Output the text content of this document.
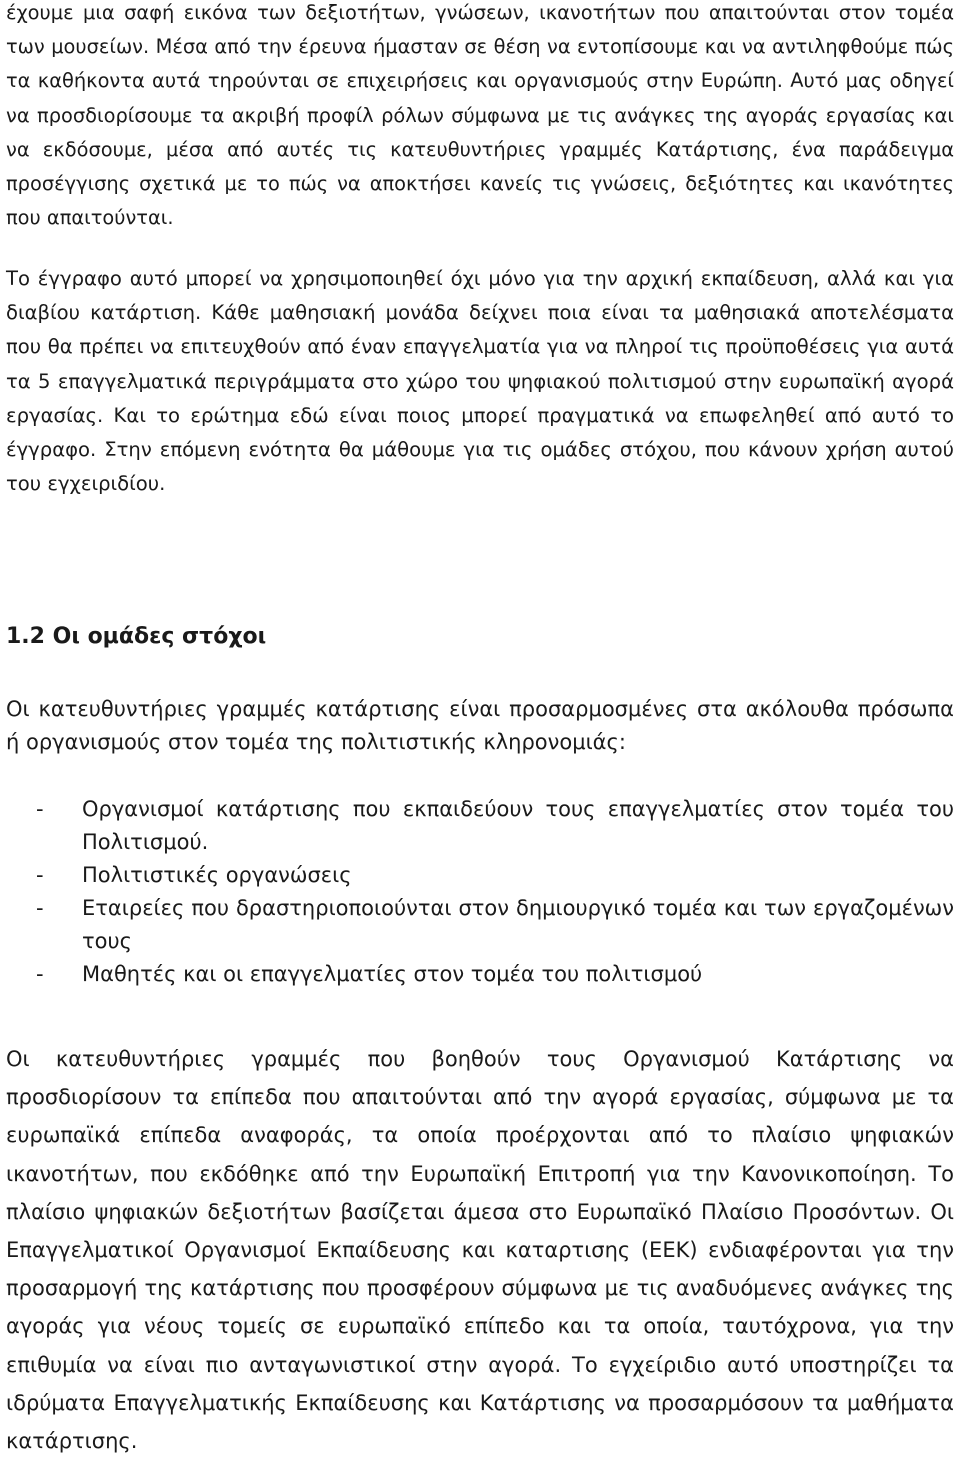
έχουμε μια σαφή εικόνα των δεξιοτήτων, γνώσεων, ικανοτήτων που απαιτούνται στον τομέα των μουσείων. Μέσα από την έρευνα ήμασταν σε θέση να εντοπίσουμε και να αντιληφθούμε πώς τα καθήκοντα αυτά τηρούνται σε επιχειρήσεις και οργανισμούς στην Ευρώπη. Αυτό μας οδηγεί να προσδιορίσουμε τα ακριβή προφίλ ρόλων σύμφωνα με τις ανάγκες της αγοράς εργασίας και να εκδόσουμε, μέσα από αυτές τις κατευθυντήριες γραμμές Κατάρτισης, ένα παράδειγμα προσέγγισης σχετικά με το πώς να αποκτήσει κανείς τις γνώσεις, δεξιότητες και ικανότητες που απαιτούνται.

Το έγγραφο αυτό μπορεί να χρησιμοποιηθεί όχι μόνο για την αρχική εκπαίδευση, αλλά και για διαβίου κατάρτιση. Κάθε μαθησιακή μονάδα δείχνει ποια είναι τα μαθησιακά αποτελέσματα που θα πρέπει να επιτευχθούν από έναν επαγγελματία για να πληροί τις προϋποθέσεις για αυτά τα 5 επαγγελματικά περιγράμματα στο χώρο του ψηφιακού πολιτισμού στην ευρωπαϊκή αγορά εργασίας. Και το ερώτημα εδώ είναι ποιος μπορεί πραγματικά να επωφεληθεί από αυτό το έγγραφο. Στην επόμενη ενότητα θα μάθουμε για τις ομάδες στόχου, που κάνουν χρήση αυτού του εγχειριδίου.

1.2 Οι ομάδες στόχοι

Οι κατευθυντήριες γραμμές κατάρτισης είναι προσαρμοσμένες στα ακόλουθα πρόσωπα ή οργανισμούς στον τομέα της πολιτιστικής κληρονομιάς:

- Οργανισμοί κατάρτισης που εκπαιδεύουν τους επαγγελματίες στον τομέα του Πολιτισμού.
- Πολιτιστικές οργανώσεις
- Εταιρείες που δραστηριοποιούνται στον δημιουργικό τομέα και των εργαζομένων τους
- Μαθητές και οι επαγγελματίες στον τομέα του πολιτισμού

Οι κατευθυντήριες γραμμές που βοηθούν τους Οργανισμού Κατάρτισης να προσδιορίσουν τα επίπεδα που απαιτούνται από την αγορά εργασίας, σύμφωνα με τα ευρωπαϊκά επίπεδα αναφοράς, τα οποία προέρχονται από το πλαίσιο ψηφιακών ικανοτήτων, που εκδόθηκε από την Ευρωπαϊκή Επιτροπή για την Κανονικοποίηση. Το πλαίσιο ψηφιακών δεξιοτήτων βασίζεται άμεσα στο Ευρωπαϊκό Πλαίσιο Προσόντων. Οι Επαγγελματικοί Οργανισμοί Εκπαίδευσης και καταρτισης (ΕΕΚ) ενδιαφέρονται για την προσαρμογή της κατάρτισης που προσφέρουν σύμφωνα με τις αναδυόμενες ανάγκες της αγοράς για νέους τομείς σε ευρωπαϊκό επίπεδο και τα οποία, ταυτόχρονα, για την επιθυμία να είναι πιο ανταγωνιστικοί στην αγορά. Το εγχείριδιο αυτό υποστηρίζει τα ιδρύματα Επαγγελματικής Εκπαίδευσης και Κατάρτισης να προσαρμόσουν τα μαθήματα κατάρτισης.
